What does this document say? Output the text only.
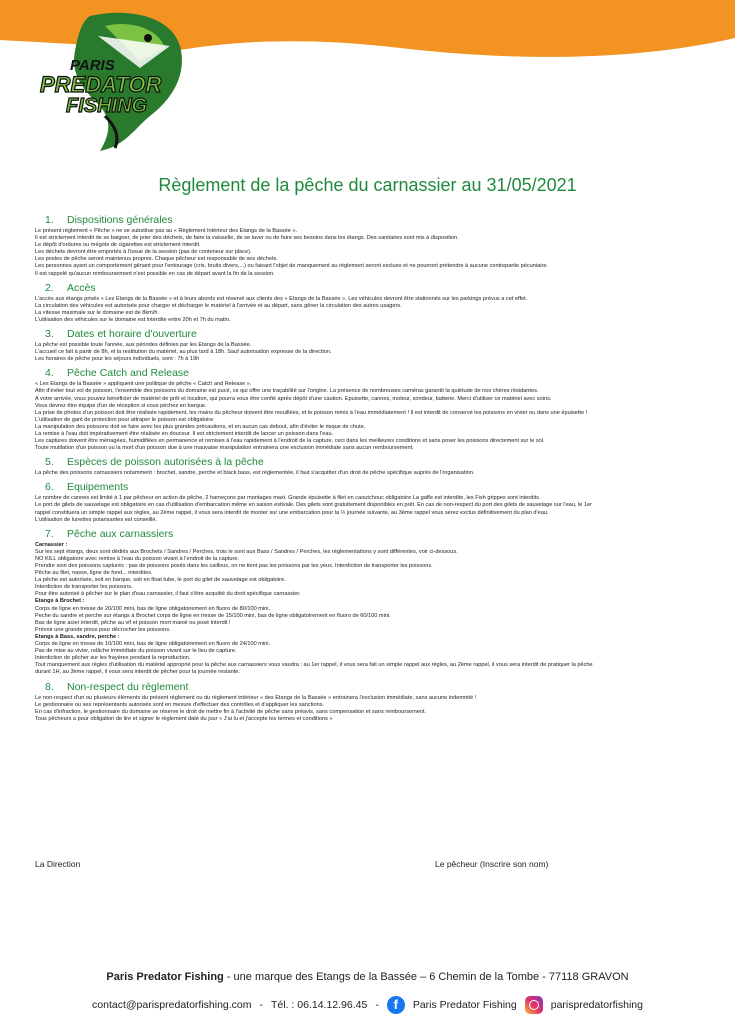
PARIS
PREDATOR
FISHING
Règlement de la pêche du carnassier au 31/05/2021
1.	Dispositions générales
Le présent règlement « Pêche » ne se substitue pas au « Règlement Intérieur des Etangs de la Bassée ».
Il est strictement interdit de se baigner, de jeter des déchets, de faire la vaisselle, de se laver ou de faire ses besoins dans les étangs. Des sanitaires sont mis à disposition.
Le dépôt d'ordures ou mégots de cigarettes est strictement interdit.
Les déchets devront être emportés à l'issue de la session (pas de conteneur sur place).
Les postes de pêche seront maintenus propres. Chaque pêcheur est responsable de ses déchets.
Les personnes ayant un comportement gênant pour l'entourage (cris, bruits divers,...) ou faisant l'objet de manquement au règlement seront exclues et ne pourront prétendre à aucune contrepartie pécuniaire.
Il est rappelé qu'aucun remboursement n'est possible en cas de départ avant la fin de la session.
2.	Accès
L'accès aux étangs privés « Les Étangs de la Bassée » et à leurs abords est réservé aux clients des « Étangs de la Bassée ». Les véhicules devront être stationnés sur les parkings prévus a cet effet.
La circulation des véhicules est autorisée pour charger et décharger le matériel à l'arrivée et au départ, sans gêner la circulation des autres usagers.
La vitesse maximale sur le domaine est de 8km/h.
L'utilisation des véhicules sur le domaine est interdite entre 20h et 7h du matin.
3.	Dates et horaire d'ouverture
La pêche est possible toute l'année, aux périodes définies par les Étangs de la Bassée.
L'accueil ce fait à partir de 8h, et la restitution du matériel, au plus tard à 18h. Sauf autorisation expresse de la direction.
Les horaires de pêche pour les séjours individuels, sont : 7h à 19h
4.	Pêche Catch and Release
« Les Etangs de la Bassée » appliquent une politique de pêche « Catch and Release ».
Afin d'éviter tout vol de poisson, l'ensemble des poissons du domaine est pucé, ce qui offre une traçabilité sur l'origine. La présence de nombreuses caméras garantit la quiétude de nos chères résidantes.
A votre arrivée, vous pouvez bénéficier de matériel de prêt et location, qui pourra vous être confié après dépôt d'une caution. Epuisette, cannes, moteur, sondeur, batterie. Merci d'utiliser ce matériel avec soins.
Vous devrez être équipé d'un de réception si vous péchez en barque.
La prise de photos d'un poisson doit être réalisée rapidement, les mains du pêcheur doivent être mouillées, et le poisson remis à l'eau immédiatement ! Il est interdit de conservé les poissons en vivier ou dans une épuisette !
L'utilisation de gant de protection pour attraper le poisson est obligatoire
La manipulation des poissons doit se faire avec les plus grandes précautions, et en aucun cas debout, afin d'éviter le risque de chute.
La remise à l'eau doit impérativement être réalisée en douceur. Il est strictement interdit de lancer un poisson dans l'eau.
Les captures doivent être ménagées, humidifiées en permanence et remises à l'eau rapidement à l'endroit de la capture, ceci dans les meilleures conditions et sans poser les poissons directement sur le sol.
Toute mutilation d'un poisson ou la mort d'un poisson due à une mauvaise manipulation entrainera une exclusion immédiate sans aucun remboursement.
5.	Espèces de poisson autorisées à la pêche
La pêche des poissons carnassiers notamment : brochet, sandre, perche et black bass, est réglementée, il faut s'acquitter d'un droit de pêche spécifique auprès de l'organisation.
6.	Equipements
Le nombre de cannes est limité à 1 par pêcheur en action de pêche, 2 hameçons par montages maxi. Grande épuisette à filet en caoutchouc obligatoire La gaffe est interdite, les Fish grippes sont interdits.
Le port de gilets de sauvetage est obligatoire en cas d'utilisation d'embarcation même en saison estivale. Des gilets sont gratuitement disponibles en prêt. En cas de non-respect du port des gilets de sauvetage sur l'eau, le 1er
rappel constituera un simple rappel aux règles, au 2ème rappel, il vous sera interdit de monter sur une embarcation pour la ½ journée suivante, au 3ème rappel vous serez exclus définitivement du plan d'eau.
L'utilisation de lunettes polarisantes est conseillé.
7.	Pêche aux carnassiers
Carnassier :
Sur les sept étangs, deux sont dédiés aux Brochets / Sandres / Perches, trois le sont aux Bass / Sandres / Perches, les réglementations y sont différentes, voir ci-dessous.
NO KILL obligatoire avec remise à l'eau du poisson vivant à l'endroit de la capture.
Prendre soin des poissons capturés : pas de poissons posés dans les cailloux, on ne tient pas les poissons par les yeux. Interdiction de transporter les poissons.
Pêche au filet, nasse, ligne de fond... interdites.
La pêche est autorisée, soit en barque, soit en float tube, le port du gilet de sauvetage est obligatoire.
Interdiction de transporter les poissons.
Pour être autorisé à pêcher sur le plan d'eau carnassier, il faut s'être acquitté du droit spécifique carnassier.
Étangs à Brochet :
Corps de ligne en tresse de 20/100 mini, bas de ligne obligatoirement en fluoro de 80/100 mini.
Peche du sandre et perche sur étangs à Brochet corps de ligne en tresse de 15/100 mini, bas de ligne obligatoirement en fluoro de 60/100 mini.
Bas de ligne acier interdit, pêche au vif et poisson mort manié ou posé interdit !
Prévoir une grande pince pour décrocher les poissons.
Étangs à Bass, sandre, perche :
Corps de ligne en tresse de 10/100 mini, bas de ligne obligatoirement en fluoro de 24/100 mini.
Pas de mise au vivier, relâche immédiate du poisson vivant sur le lieu de capture.
Interdiction de pêcher sur les frayères pendant la reproduction.
Tout manquement aux règles d'utilisation du matériel approprié pour la pêche aux carnassiers vous vaudra : au 1er rappel, il vous sera fait un simple rappel aux règles, au 2ème rappel, il vous sera interdit de pratiquer la pêche
durant 1H, au 3ème rappel, il vous sera interdit de pêcher pour la journée restante.
8.	Non-respect du règlement
Le non-respect d'un ou plusieurs éléments du présent règlement ou du règlement intérieur « des Étangs de la Bassée » entrainera l'exclusion immédiate, sans aucune indemnité !
Le gestionnaire ou ses représentants autorisés sont en mesure d'effectuer des contrôles et d'appliquer les sanctions.
En cas d'infraction, le gestionnaire du domaine se réserve le droit de mettre fin à l'activité de pêche sans préavis, sans compensation et sans remboursement.
Tous pêcheurs a pour obligation de lire et signer le règlement daté du jour « J'ai lu et j'accepte les termes et conditions »
La Direction	Le pêcheur (Inscrire son nom)
Paris Predator Fishing - une marque des Etangs de la Bassée – 6 Chemin de la Tombe - 77118 GRAVON
contact@parispredatorfishing.com - Tél. : 06.14.12.96.45 -	f	Paris Predator Fishing	parispredatorfishing
